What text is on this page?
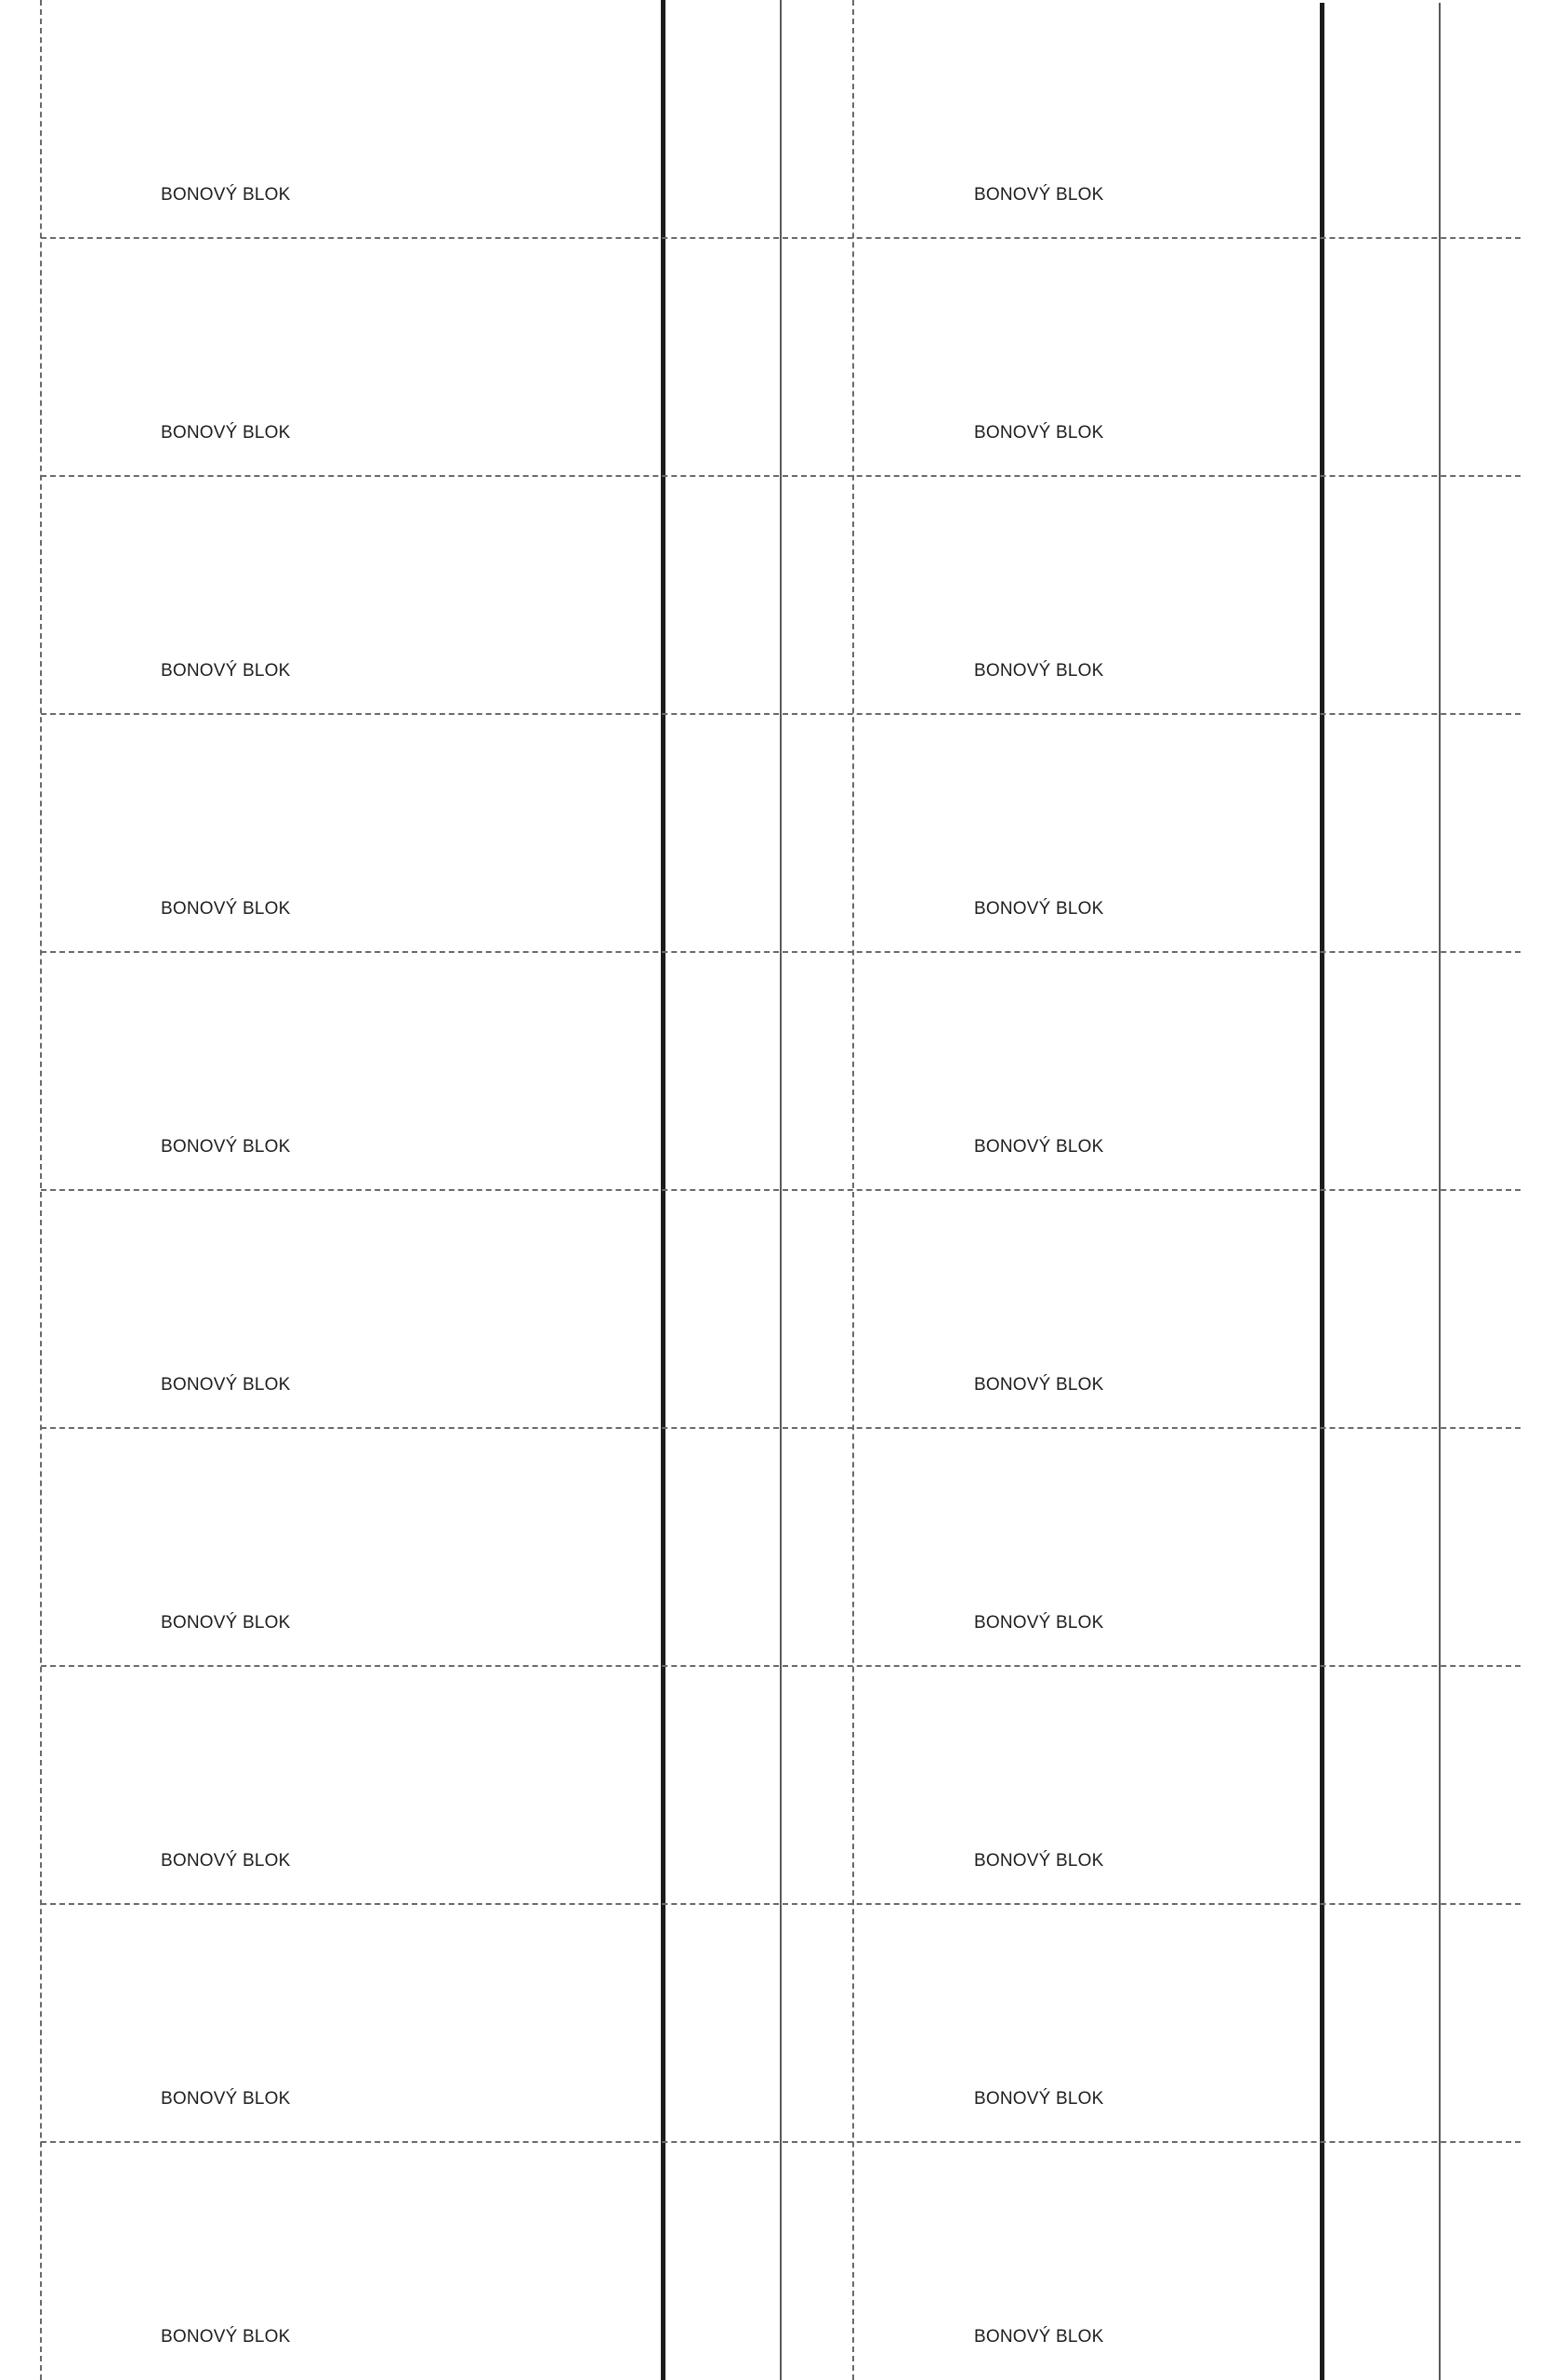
BONOVÝ BLOK
BONOVÝ BLOK
BONOVÝ BLOK
BONOVÝ BLOK
BONOVÝ BLOK
BONOVÝ BLOK
BONOVÝ BLOK
BONOVÝ BLOK
BONOVÝ BLOK
BONOVÝ BLOK
BONOVÝ BLOK
BONOVÝ BLOK
BONOVÝ BLOK
BONOVÝ BLOK
BONOVÝ BLOK
BONOVÝ BLOK
BONOVÝ BLOK
BONOVÝ BLOK
BONOVÝ BLOK
BONOVÝ BLOK
